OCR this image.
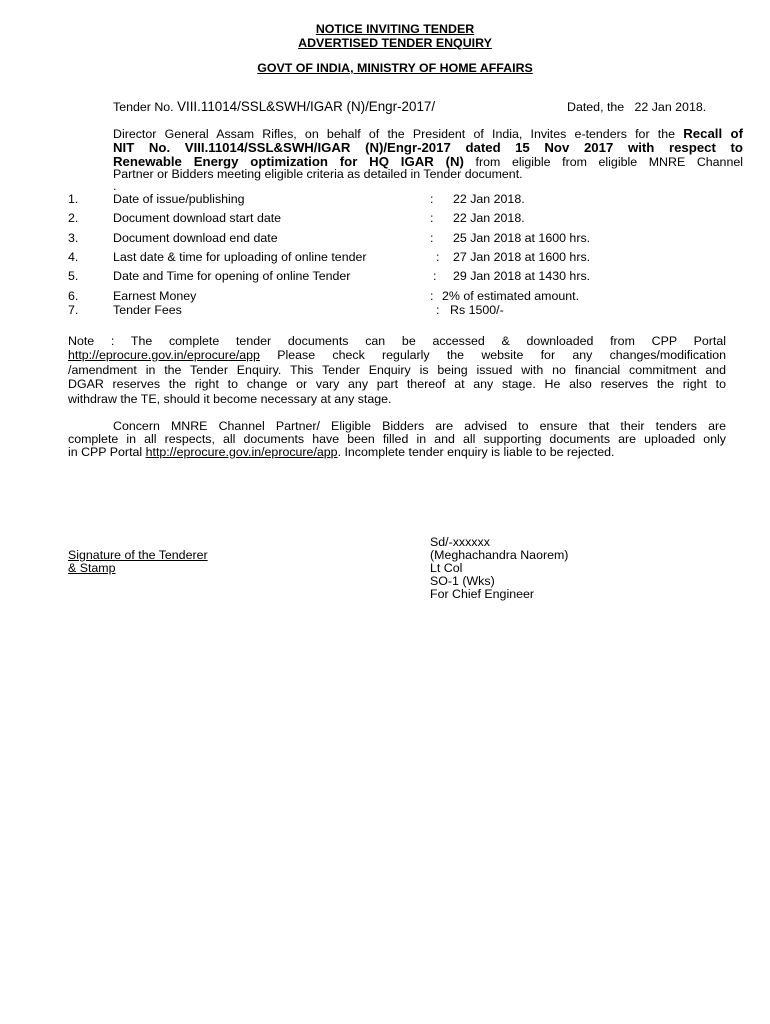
NOTICE INVITING TENDER
ADVERTISED TENDER ENQUIRY
GOVT OF INDIA, MINISTRY OF HOME AFFAIRS
Tender No. VIII.11014/SSL&SWH/IGAR (N)/Engr-2017/	Dated, the 22 Jan 2018.
Director General Assam Rifles, on behalf of the President of India, Invites e-tenders for the Recall of
NIT No. VIII.11014/SSL&SWH/IGAR (N)/Engr-2017 dated 15 Nov 2017 with respect to
Renewable Energy optimization for HQ IGAR (N) from eligible from eligible MNRE Channel
Partner or Bidders meeting eligible criteria as detailed in Tender document.
.
1.	Date of issue/publishing	: 22 Jan 2018.
2.	Document download start date	: 22 Jan 2018.
3.	Document download end date	: 25 Jan 2018 at 1600 hrs.
4.	Last date & time for uploading of online tender	: 27 Jan 2018 at 1600 hrs.
5.	Date and Time for opening of online Tender	: 29 Jan 2018 at 1430 hrs.
6.	Earnest Money	: 2% of estimated amount.
7.	Tender Fees	: Rs 1500/-
Note : The complete tender documents can be accessed & downloaded from CPP Portal
http://eprocure.gov.in/eprocure/app Please check regularly the website for any changes/modification
/amendment in the Tender Enquiry. This Tender Enquiry is being issued with no financial commitment and
DGAR reserves the right to change or vary any part thereof at any stage. He also reserves the right to
withdraw the TE, should it become necessary at any stage.
Concern MNRE Channel Partner/ Eligible Bidders are advised to ensure that their tenders are
complete in all respects, all documents have been filled in and all supporting documents are uploaded only
in CPP Portal http://eprocure.gov.in/eprocure/app. Incomplete tender enquiry is liable to be rejected.
Signature of the Tenderer
& Stamp
Sd/-xxxxxx
(Meghachandra Naorem)
Lt Col
SO-1 (Wks)
For Chief Engineer
